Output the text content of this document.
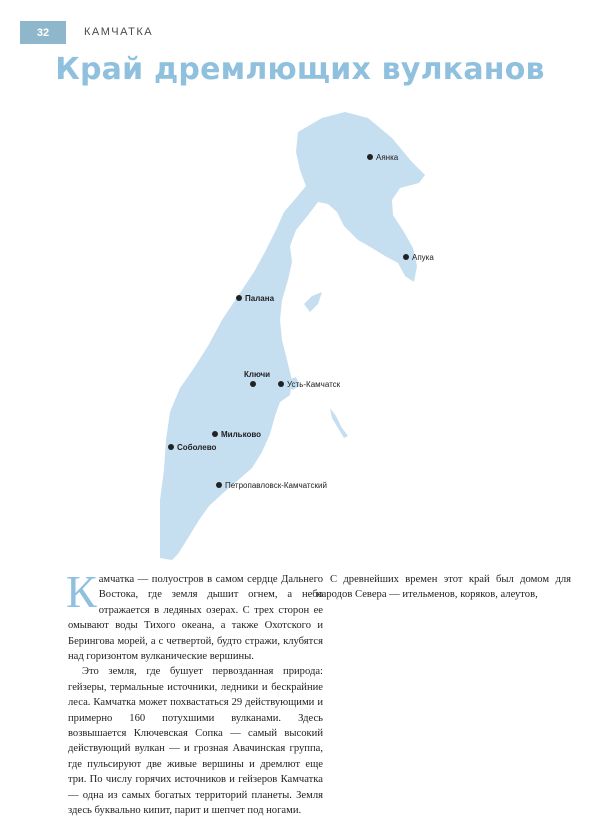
32	КАМЧАТКА
Край дремлющих вулканов
Аянка
Апука
Палана
Ключи
Усть-Камчатск
Мильково
Соболево
Петропавловск-Камчатский

Камчатка — полуостров в самом сердце Дальнего Востока, где земля дышит огнем, а небо отражается в ледяных озерах. С трех сторон ее омывают воды Тихого океана, а также Охотского и Берингова морей, а с четвертой, будто стражи, клубятся над горизонтом вулканические вершины.

Это земля, где бушует первозданная природа: гейзеры, термальные источники, ледники и бескрайние леса. Камчатка может похвастаться 29 действующими и примерно 160 потухшими вулканами. Здесь возвышается Ключевская Сопка — самый высокий действующий вулкан — и грозная Авачинская группа, где пульсируют две живые вершины и дремлют еще три. По числу горячих источников и гейзеров Камчатка — одна из самых богатых территорий планеты. Земля здесь буквально кипит, парит и шепчет под ногами.

С древнейших времен этот край был домом для народов Севера — ительменов, коряков, алеутов,
